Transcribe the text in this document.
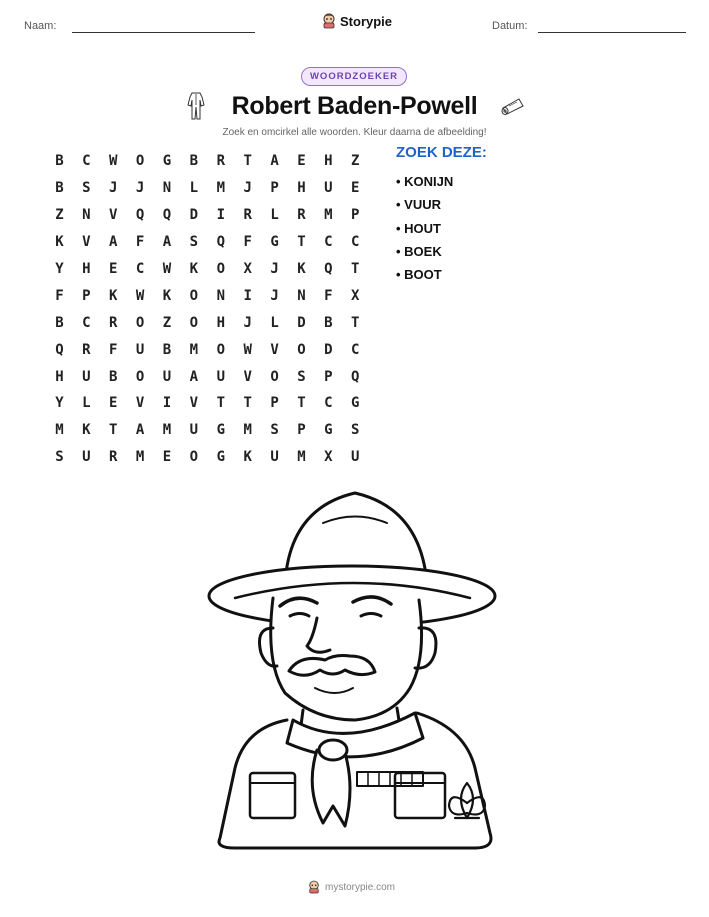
Naam:	Storypie	Datum:
WOORDZOEKER
Robert Baden-Powell
Zoek en omcirkel alle woorden. Kleur daarna de afbeelding!
B	C	W	O	G	B	R	T	A	E	H	Z
B	S	J	J	N	L	M	J	P	H	U	E
Z	N	V	Q	Q	D	I	R	L	R	M	P
K	V	A	F	A	S	Q	F	G	T	C	C
Y	H	E	C	W	K	O	X	J	K	Q	T
F	P	K	W	K	O	N	I	J	N	F	X
B	C	R	O	Z	O	H	J	L	D	B	T
Q	R	F	U	B	M	O	W	V	O	D	C
H	U	B	O	U	A	U	V	O	S	P	Q
Y	L	E	V	I	V	T	T	P	T	C	G
M	K	T	A	M	U	G	M	S	P	G	S
S	U	R	M	E	O	G	K	U	M	X	U
ZOEK DEZE:
• KONIJN
• VUUR
• HOUT
• BOEK
• BOOT
mystorypie.com
